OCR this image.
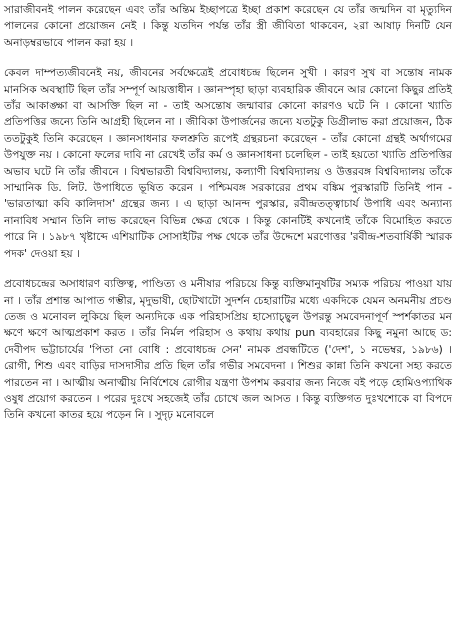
সারাজীবনই পালন করেছেন এবং তাঁর অন্তিম ইচ্ছাপত্রে ইচ্ছা প্রকাশ করেছেন যে তাঁর জন্মদিন বা মৃত্যুদিন পালনের কোনো প্রয়োজন নেই । কিন্তু যতদিন পর্যন্ত তাঁর স্ত্রী জীবিতা থাকবেন, ২রা আষাঢ় দিনটি যেন অনাড়ম্বরভাবে পালন করা হয় ।

কেবল দাম্পত্যজীবনেই নয়, জীবনের সর্বক্ষেত্রেই প্রবোধচন্দ্র ছিলেন সুখী । কারণ সুখ বা সন্তোষ নামক মানসিক অবস্থাটি ছিল তাঁর সম্পূর্ণ আয়ত্তাধীন । জ্ঞানস্পৃহা ছাড়া ব্যবহারিক জীবনে আর কোনো কিছুর প্রতিই তাঁর আকাঙ্ক্ষা বা আসক্তি ছিল না - তাই অসন্তোষ জন্মাবার কোনো কারণও ঘটে নি । কোনো খ্যাতি প্রতিপত্তির জন্যে তিনি আগ্রহী ছিলেন না । জীবিকা উপার্জনের জন্যে যতটুকু ডিগ্রীলাভ করা প্রয়োজন, ঠিক ততটুকুই তিনি করেছেন । জ্ঞানসাধনার ফলশ্রুতি রূপেই গ্রন্থরচনা করেছেন - তাঁর কোনো গ্রন্থই অর্থাগমের উপযুক্ত নয় । কোনো ফলের দাবি না রেখেই তাঁর কর্ম ও জ্ঞানসাধনা চলেছিল - তাই হয়তো খ্যাতি প্রতিপত্তির অভাব ঘটে নি তাঁর জীবনে । বিশ্বভারতী বিশ্ববিদ্যালয়, কল্যাণী বিশ্ববিদ্যালয় ও উত্তরবঙ্গ বিশ্ববিদ্যালয় তাঁকে সাম্মানিক ডি. লিট. উপাধিতে ভূষিত করেন । পশ্চিমবঙ্গ সরকারের প্রথম বঙ্কিম পুরস্কারটি তিনিই পান - 'ভারতাত্মা কবি কালিদাস' গ্রন্থের জন্য । এ ছাড়া আনন্দ পুরস্কার, রবীন্দ্রতত্ত্বাচার্য উপাধি এবং অন্যান্য নানাবিধ সম্মান তিনি লাভ করেছেন বিভিন্ন ক্ষেত্র থেকে । কিন্তু কোনটিই কখনোই তাঁকে বিমোহিত করতে পারে নি । ১৯৮৭ খৃষ্টাব্দে এশিয়াটিক সোসাইটির পক্ষ থেকে তাঁর উদ্দেশে মরণোত্তর 'রবীন্দ্র-শতবার্ষিকী স্মারক পদক' দেওয়া হয় ।

প্রবোধচন্দ্রের অসাধারণ ব্যক্তিত্ব, পাণ্ডিত্য ও মনীষার পরিচয়ে কিন্তু ব্যক্তিমানুষটির সম্যক পরিচয় পাওয়া যায় না । তাঁর প্রশান্ত আপাত গম্ভীর, মৃদুভাষী, ছোটখাটো সুদর্শন চেহারাটির মধ্যে একদিকে যেমন অনমনীয় প্রচণ্ড তেজ ও মনোবল লুকিয়ে ছিল অন্যদিকে এক পরিহাসপ্রিয় হাস্যোচ্ছ্বল উপরন্তু সমবেদনাপূর্ণ স্পর্শকাতর মন ক্ষণে ক্ষণে আত্মপ্রকাশ করত । তাঁর নির্মল পরিহাস ও কথায় কথায় pun ব্যবহারের কিছু নমুনা আছে ড: দেবীপদ ভট্টাচার্যের 'পিতা নো বোধি : প্রবোধচন্দ্র সেন' নামক প্রবন্ধটিতে ('দেশ', ১ নভেম্বর, ১৯৮৬) । রোগী, শিশু এবং বাড়ির দাসদাসীর প্রতি ছিল তাঁর গভীর সমবেদনা । শিশুর কান্না তিনি কখনো সহ্য করতে পারতেন না । আত্মীয় অনাত্মীয় নির্বিশেষে রোগীর যন্ত্রণা উপশম করবার জন্য নিজে বই পড়ে হোমিওপ্যাথিক ওষুধ প্রয়োগ করতেন । পরের দুঃখে সহজেই তাঁর চোখে জল আসত । কিন্তু ব্যক্তিগত দুঃখশোকে বা বিপদে তিনি কখনো কাতর হয়ে পড়েন নি । সুদৃঢ় মনোবলে
